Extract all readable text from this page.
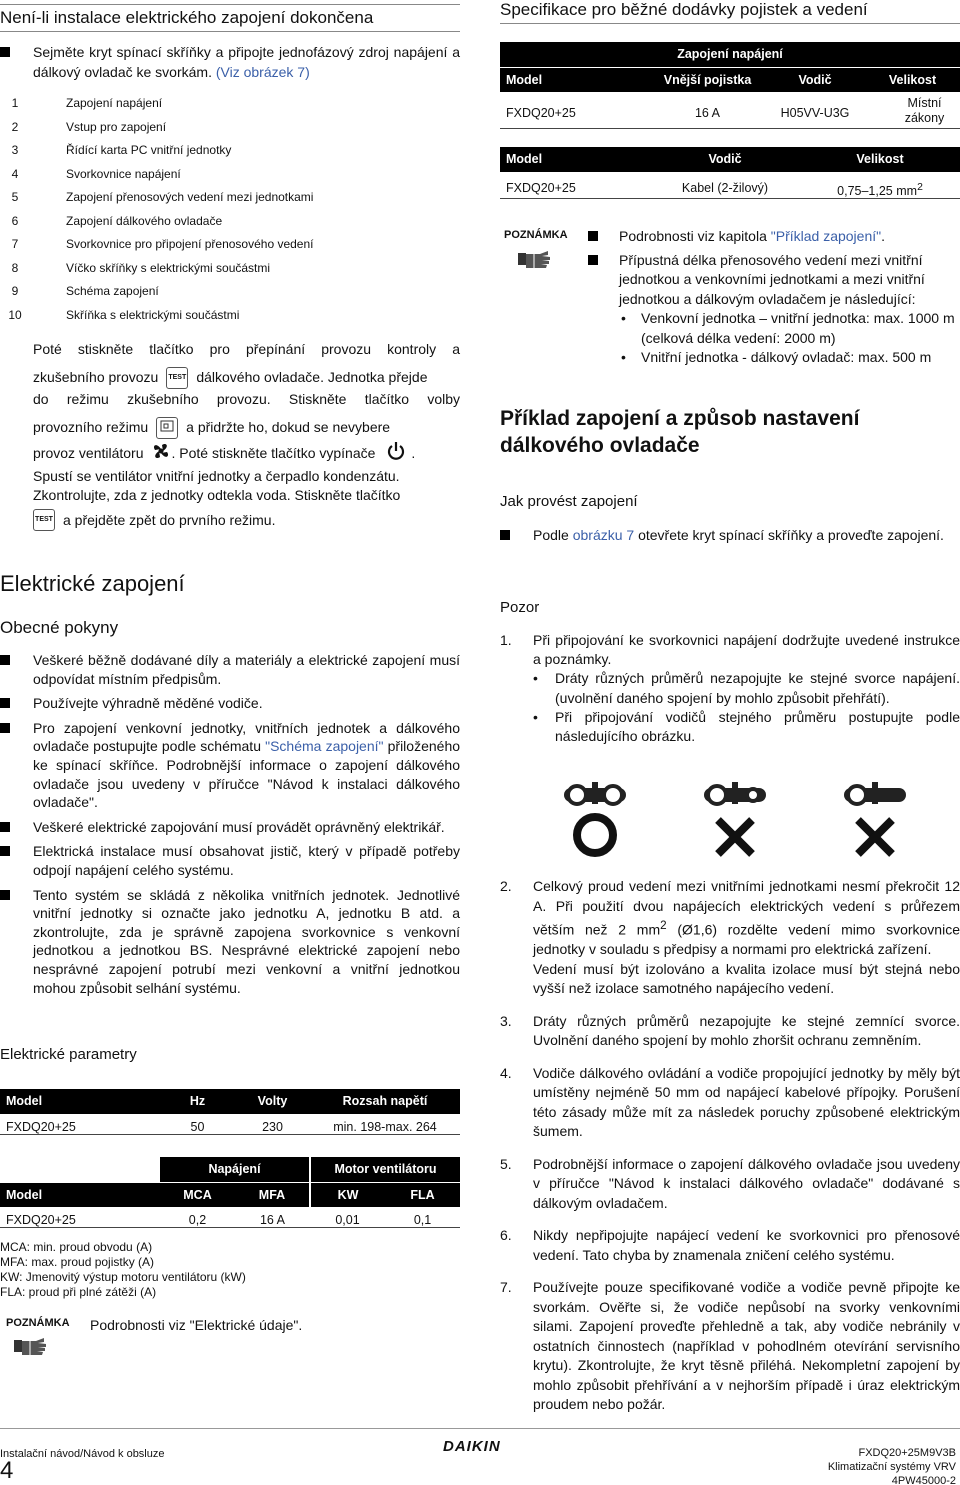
Není-li instalace elektrického zapojení dokončena
Sejměte kryt spínací skříňky a připojte jednofázový zdroj napájení a dálkový ovladač ke svorkám. (Viz obrázek 7)
1	Zapojení napájení
2	Vstup pro zapojení
3	Řídící karta PC vnitřní jednotky
4	Svorkovnice napájení
5	Zapojení přenosových vedení mezi jednotkami
6	Zapojení dálkového ovladače
7	Svorkovnice pro připojení přenosového vedení
8	Víčko skříňky s elektrickými součástmi
9	Schéma zapojení
10	Skříňka s elektrickými součástmi
Poté stiskněte tlačítko pro přepínání provozu kontroly a
zkušebního provozu TEST dálkového ovladače. Jednotka přejde
do režimu zkušebního provozu. Stiskněte tlačítko volby
provozního režimu	a přidržte ho, dokud se nevybere
provoz ventilátoru . Poté stiskněte tlačítko vypínače	.
Spustí se ventilátor vnitřní jednotky a čerpadlo kondenzátu.
Zkontrolujte, zda z jednotky odtekla voda. Stiskněte tlačítko
TEST a přejděte zpět do prvního režimu.
Elektrické zapojení
Obecné pokyny
Veškeré běžně dodávané díly a materiály a elektrické zapojení musí odpovídat místním předpisům.
Používejte výhradně měděné vodiče.
Pro zapojení venkovní jednotky, vnitřních jednotek a dálkového ovladače postupujte podle schématu "Schéma zapojení" přiloženého ke spínací skříňce. Podrobnější informace o zapojení dálkového ovladače jsou uvedeny v příručce "Návod k instalaci dálkového ovladače".
Veškeré elektrické zapojování musí provádět oprávněný elektrikář.
Elektrická instalace musí obsahovat jistič, který v případě potřeby odpojí napájení celého systému.
Tento systém se skládá z několika vnitřních jednotek. Jednotlivé vnitřní jednotky si označte jako jednotku A, jednotku B atd. a zkontrolujte, zda je správně zapojena svorkovnice s venkovní jednotkou a jednotkou BS. Nesprávné elektrické zapojení nebo nesprávné zapojení potrubí mezi venkovní a vnitřní jednotkou mohou způsobit selhání systému.
Elektrické parametry
Model	Hz	Volty	Rozsah napětí
FXDQ20+25	50	230	min. 198-max. 264
	Napájení		Motor ventilátoru	
Model	MCA	MFA	KW	FLA
FXDQ20+25	0,2	16 A	0,01	0,1
MCA: min. proud obvodu (A)
MFA: max. proud pojistky (A)
KW: Jmenovitý výstup motoru ventilátoru (kW)
FLA: proud při plné zátěži (A)
POZNÁMKA Podrobnosti viz "Elektrické údaje".
Specifikace pro běžné dodávky pojistek a vedení
Zapojení napájení			
Model	Vnější pojistka	Vodič	Velikost
FXDQ20+25	16 A	H05VV-U3G	Místní zákony
Model	Vodič	Velikost
FXDQ20+25	Kabel (2-žilový)	0,75–1,25 $mm^2$
POZNÁMKA	Podrobnosti viz kapitola "Příklad zapojení".
Přípustná délka přenosového vedení mezi vnitřní jednotkou a venkovními jednotkami a mezi vnitřní jednotkou a dálkovým ovladačem je následující:
• Venkovní jednotka – vnitřní jednotka: max. 1000 m (celková délka vedení: 2000 m)
• Vnitřní jednotka - dálkový ovladač: max. 500 m
Příklad zapojení a způsob nastavení dálkového ovladače
Jak provést zapojení
Podle obrázku 7 otevřete kryt spínací skříňky a proveďte zapojení.
Pozor
1. Při připojování ke svorkovnici napájení dodržujte uvedené instrukce a poznámky.
• Dráty různých průměrů nezapojujte ke stejné svorce napájení. (uvolnění daného spojení by mohlo způsobit přehřátí).
• Při připojování vodičů stejného průměru postupujte podle následujícího obrázku.
2. Celkový proud vedení mezi vnitřními jednotkami nesmí překročit 12 A. Při použití dvou napájecích elektrických vedení s průřezem větším než 2 $mm^2$ (Ø1,6) rozdělte vedení mimo svorkovnice jednotky v souladu s předpisy a normami pro elektrická zařízení.
Vedení musí být izolováno a kvalita izolace musí být stejná nebo vyšší než izolace samotného napájecího vedení.
3. Dráty různých průměrů nezapojujte ke stejné zemnící svorce. Uvolnění daného spojení by mohlo zhoršit ochranu zemněním.
4. Vodiče dálkového ovládání a vodiče propojující jednotky by měly být umístěny nejméně 50 mm od napájecí kabelové přípojky. Porušení této zásady může mít za následek poruchy způsobené elektrickým šumem.
5. Podrobnější informace o zapojení dálkového ovladače jsou uvedeny v příručce "Návod k instalaci dálkového ovladače" dodávané s dálkovým ovladačem.
6. Nikdy nepřipojujte napájecí vedení ke svorkovnici pro přenosové vedení. Tato chyba by znamenala zničení celého systému.
7. Používejte pouze specifikované vodiče a vodiče pevně připojte ke svorkám. Ověřte si, že vodiče nepůsobí na svorky venkovními silami. Zapojení proveďte přehledně a tak, aby vodiče nebránily v ostatních činnostech (například v pohodlném otevírání servisního krytu). Zkontrolujte, že kryt těsně přiléhá. Nekompletní zapojení by mohlo způsobit přehřívání a v nejhorším případě i úraz elektrickým proudem nebo požár.
Instalační návod/Návod k obsluze
4
DAIKIN	FXDQ20+25M9V3B
Klimatizační systémy VRV
4PW45000-2
